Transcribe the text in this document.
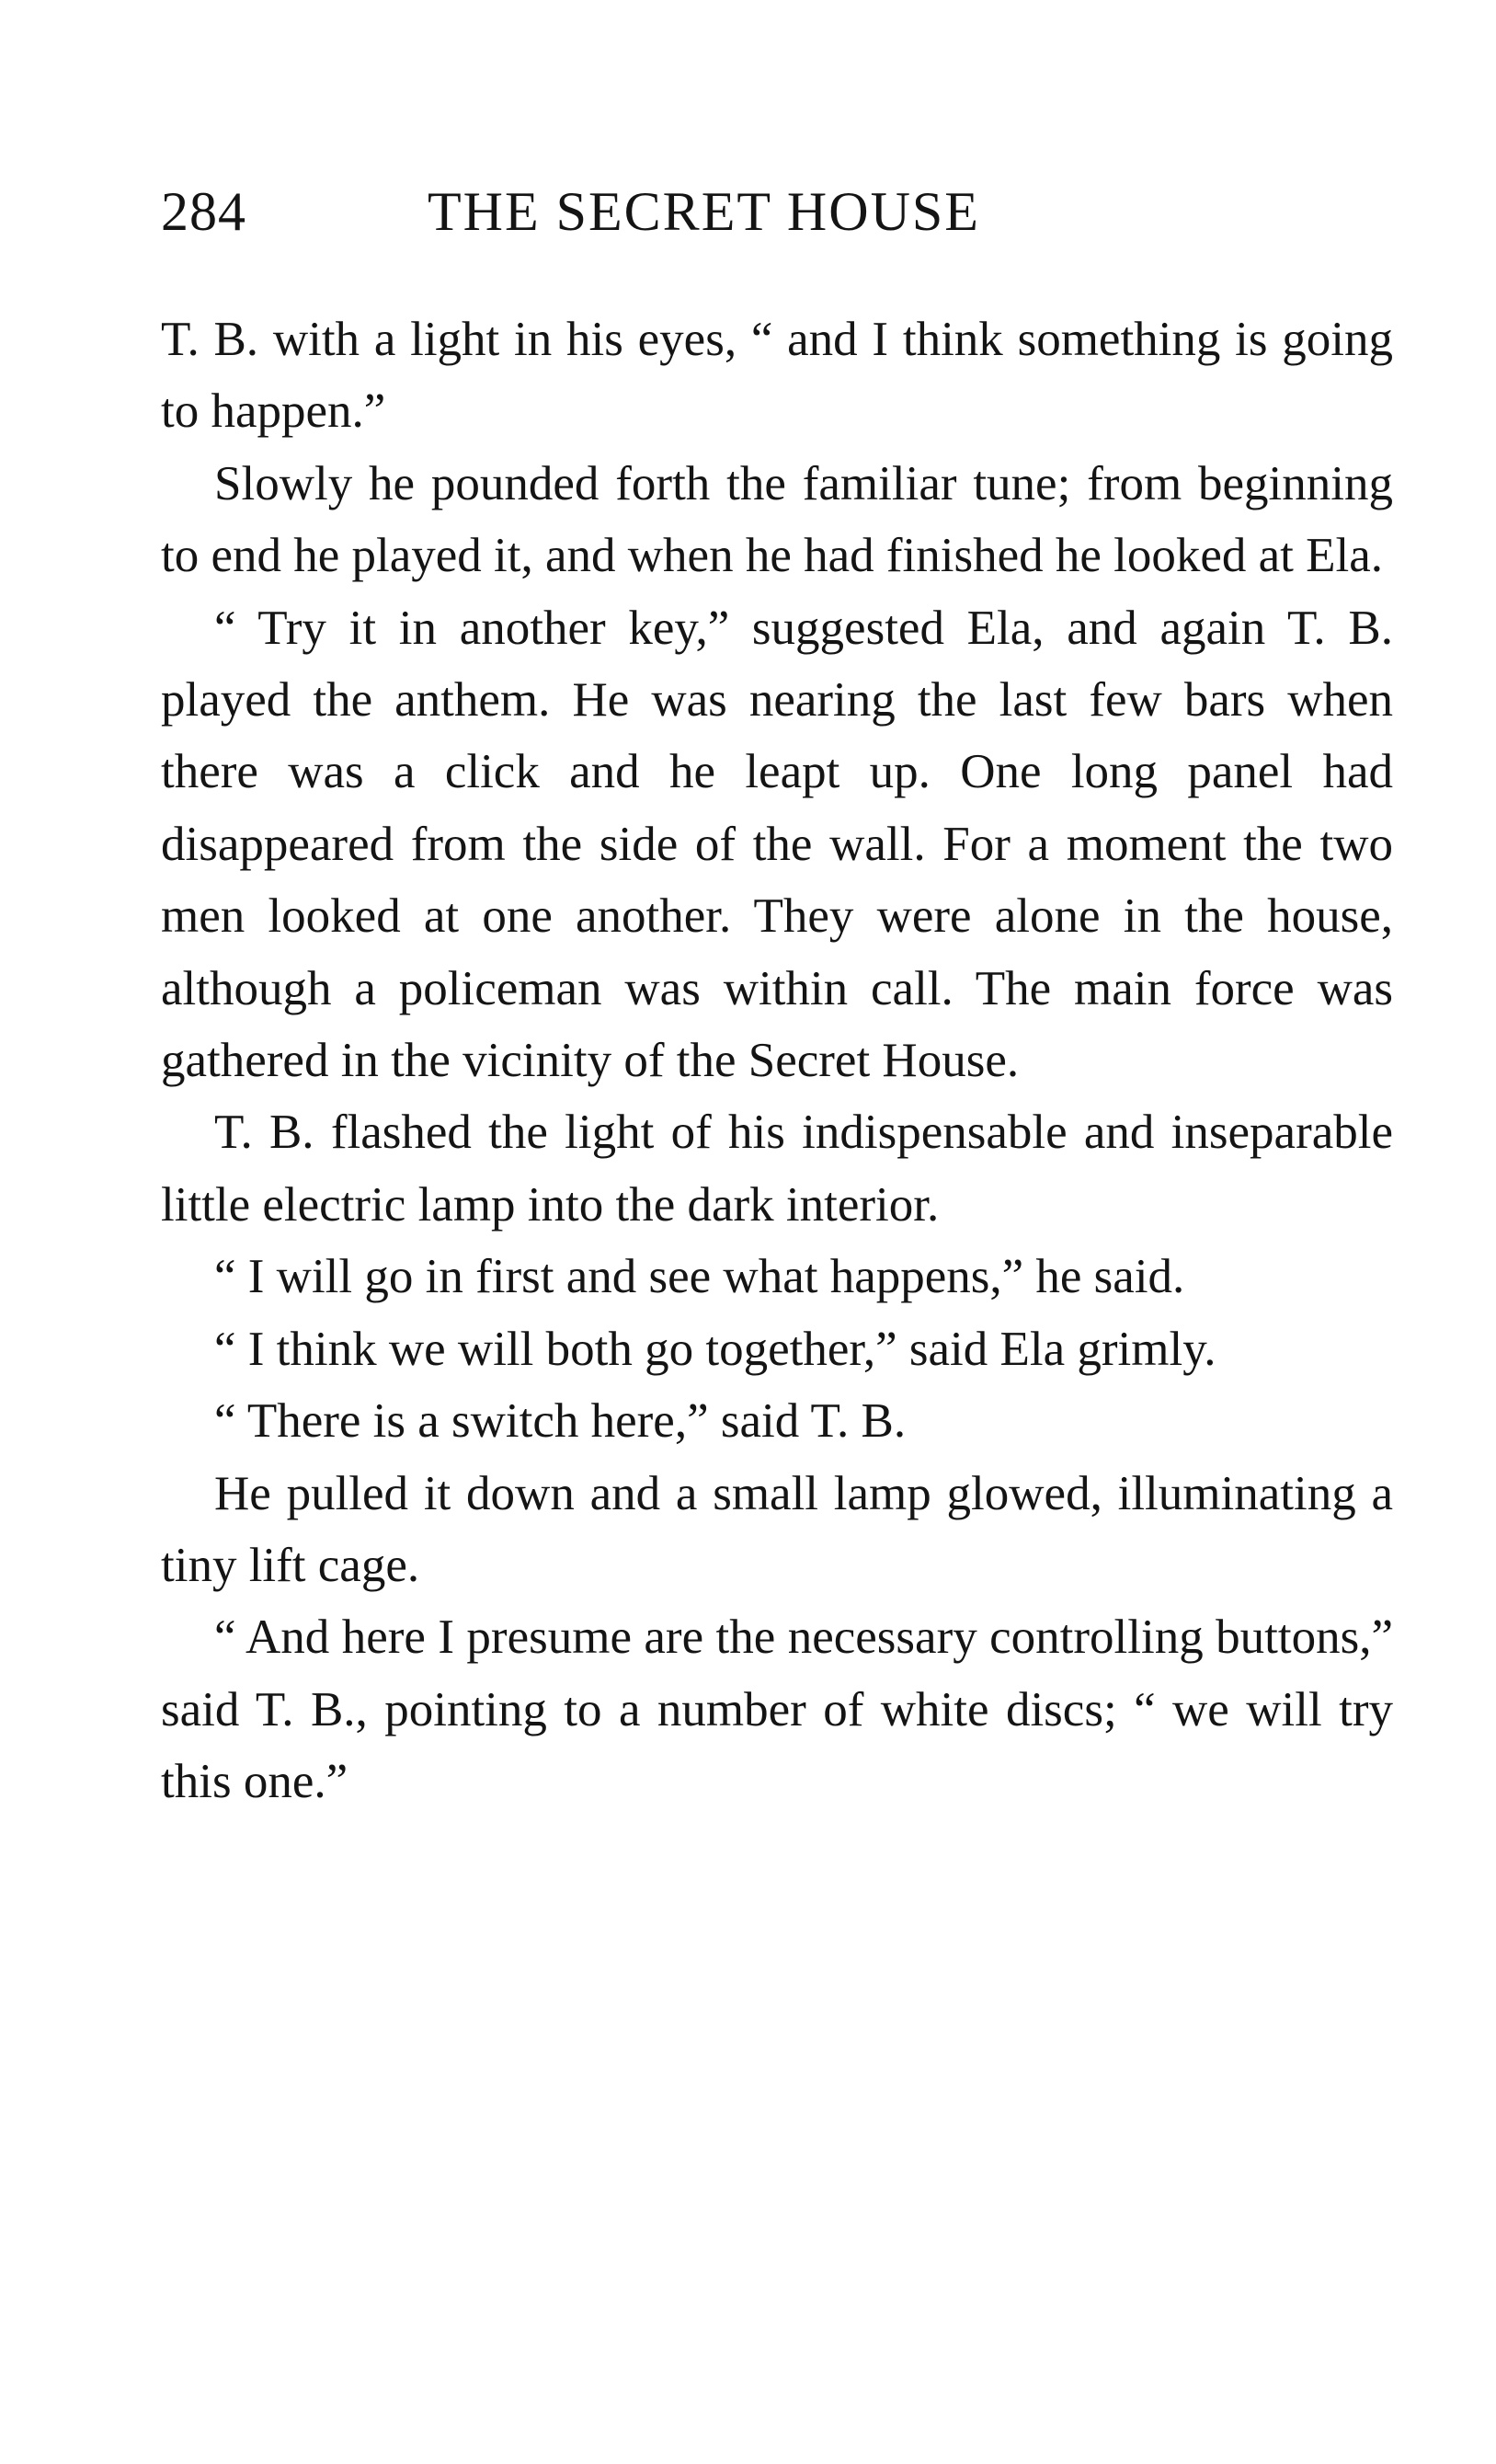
284	THE SECRET HOUSE

T. B. with a light in his eyes, “ and I think something is going to happen.”

Slowly he pounded forth the familiar tune; from beginning to end he played it, and when he had finished he looked at Ela.

“ Try it in another key,” suggested Ela, and again T. B. played the anthem. He was nearing the last few bars when there was a click and he leapt up. One long panel had disappeared from the side of the wall. For a moment the two men looked at one another. They were alone in the house, although a policeman was within call. The main force was gathered in the vicinity of the Secret House.

T. B. flashed the light of his indispensable and inseparable little electric lamp into the dark interior.

“ I will go in first and see what happens,” he said.

“ I think we will both go together,” said Ela grimly.

“ There is a switch here,” said T. B.

He pulled it down and a small lamp glowed, illuminating a tiny lift cage.

“ And here I presume are the necessary controlling buttons,” said T. B., pointing to a number of white discs; “ we will try this one.”
